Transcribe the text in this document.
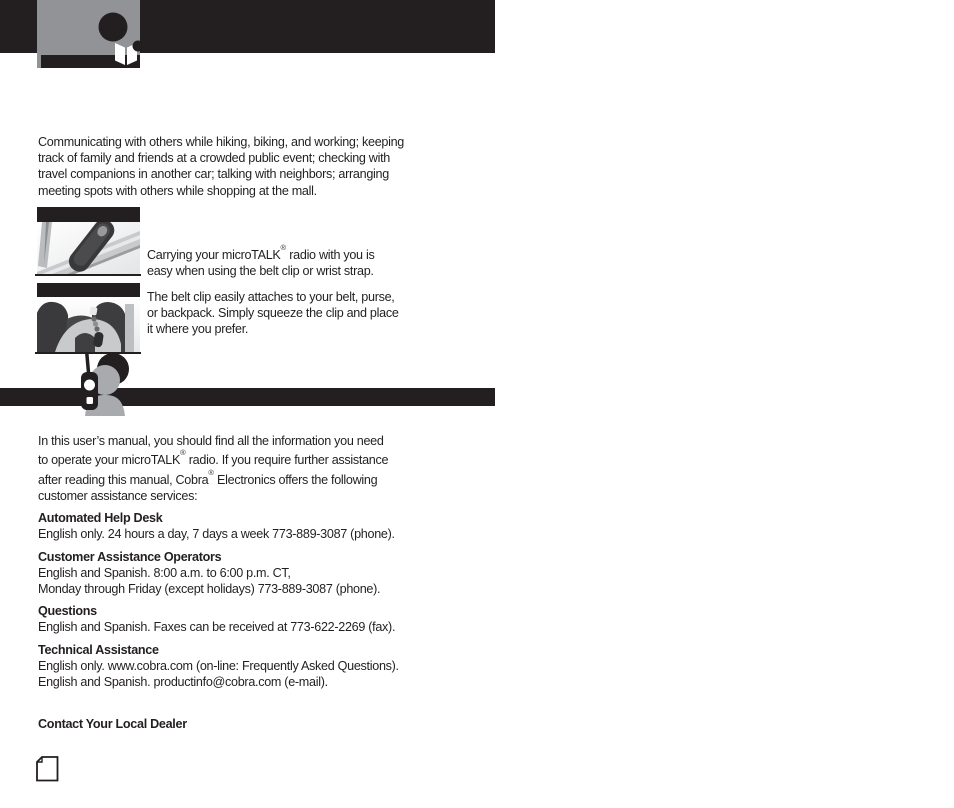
Communicating with others while hiking, biking, and working; keeping
track of family and friends at a crowded public event; checking with
travel companions in another car; talking with neighbors; arranging
meeting spots with others while shopping at the mall.
Carrying your microTALK® radio with you is
easy when using the belt clip or wrist strap.
The belt clip easily attaches to your belt, purse,
or backpack. Simply squeeze the clip and place
it where you prefer.
In this user’s manual, you should find all the information you need
to operate your microTALK® radio. If you require further assistance
after reading this manual, Cobra® Electronics offers the following
customer assistance services:
Automated Help Desk
English only. 24 hours a day, 7 days a week 773-889-3087 (phone).
Customer Assistance Operators
English and Spanish. 8:00 a.m. to 6:00 p.m. CT,
Monday through Friday (except holidays) 773-889-3087 (phone).
Questions
English and Spanish. Faxes can be received at 773-622-2269 (fax).
Technical Assistance
English only. www.cobra.com (on-line: Frequently Asked Questions).
English and Spanish. productinfo@cobra.com (e-mail).
Contact Your Local Dealer
